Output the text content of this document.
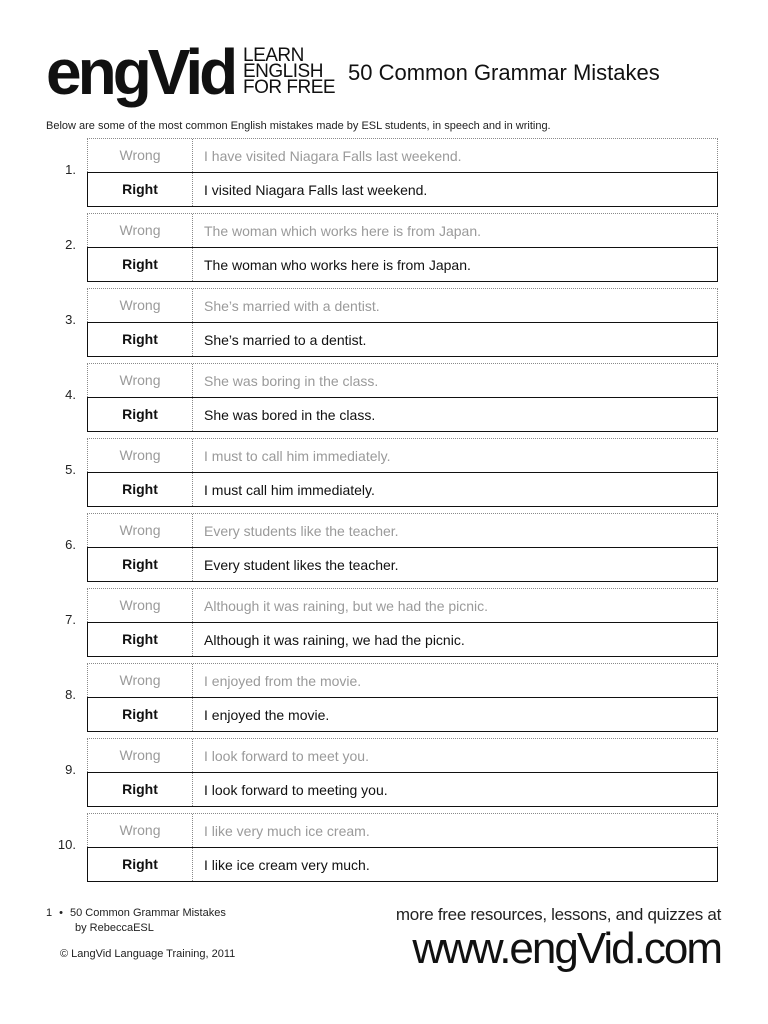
engVid LEARN
ENGLISH
FOR FREE
50 Common Grammar Mistakes
Below are some of the most common English mistakes made by ESL students, in speech and in writing.
1.
Wrong	I have visited Niagara Falls last weekend.
Right	I visited Niagara Falls last weekend.
2.
Wrong	The woman which works here is from Japan.
Right	The woman who works here is from Japan.
3.
Wrong	She’s married with a dentist.
Right	She’s married to a dentist.
4.
Wrong	She was boring in the class.
Right	She was bored in the class.
5.
Wrong	I must to call him immediately.
Right	I must call him immediately.
6.
Wrong	Every students like the teacher.
Right	Every student likes the teacher.
7.
Wrong	Although it was raining, but we had the picnic.
Right	Although it was raining, we had the picnic.
8.
Wrong	I enjoyed from the movie.
Right	I enjoyed the movie.
9.
Wrong	I look forward to meet you.
Right	I look forward to meeting you.
10.
Wrong	I like very much ice cream.
Right	I like ice cream very much.
1 • 50 Common Grammar Mistakes
by RebeccaESL
© LangVid Language Training, 2011
more free resources, lessons, and quizzes at
www.engVid.com
